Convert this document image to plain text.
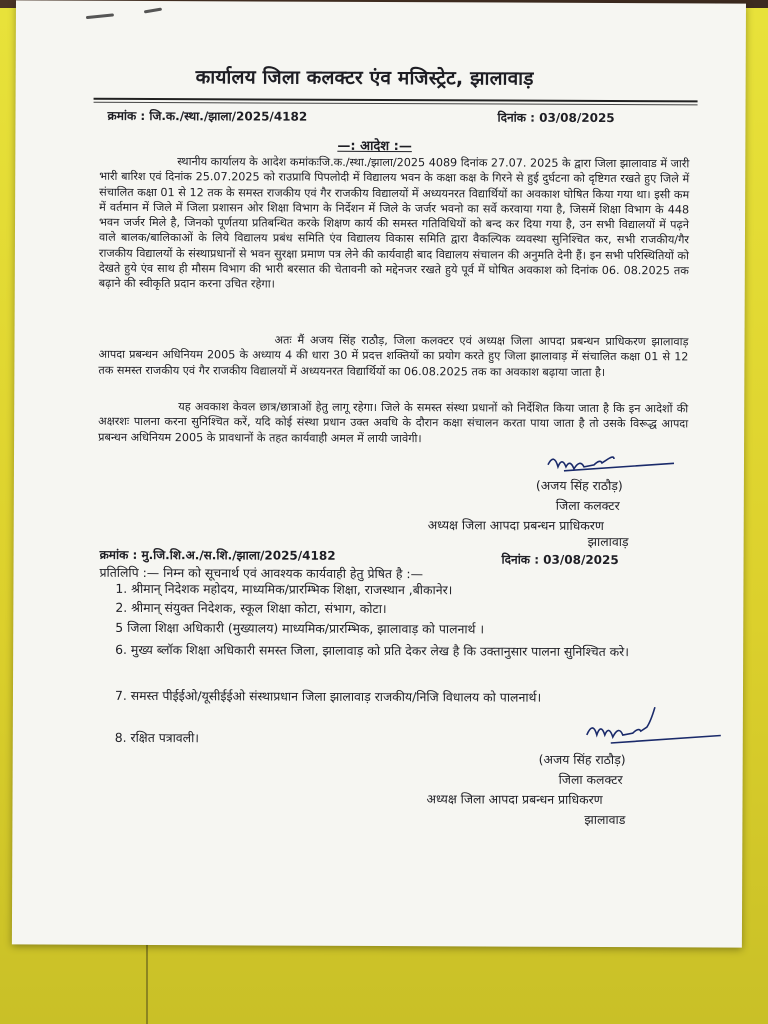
कार्यालय जिला कलक्टर एंव मजिस्ट्रेट, झालावाड़
क्रमांक : जि.क./स्था./झाला/2025/4182	दिनांक : 03/08/2025
—: आदेश :—

स्थानीय कार्यालय के आदेश कमांकःजि.क./स्था./झाला/2025 4089 दिनांक 27.07. 2025 के द्वारा जिला झालावाड में जारी भारी बारिश एवं दिनांक 25.07.2025 को राउप्रावि पिपलोदी में विद्यालय भवन के कक्षा कक्ष के गिरने से हुई दुर्घटना को दृष्टिगत रखते हुए जिले में संचालित कक्षा 01 से 12 तक के समस्त राजकीय एवं गैर राजकीय विद्यालयों में अध्ययनरत विद्यार्थियों का अवकाश घोषित किया गया था। इसी कम में वर्तमान में जिले में जिला प्रशासन ओर शिक्षा विभाग के निर्देशन में जिले के जर्जर भवनो का सर्वे करवाया गया है, जिसमें शिक्षा विभाग के 448 भवन जर्जर मिले है, जिनको पूर्णतया प्रतिबन्धित करके शिक्षण कार्य की समस्त गतिविधियों को बन्द कर दिया गया है, उन सभी विद्यालयों में पढ़ने वाले बालक/बालिकाओं के लिये विद्यालय प्रबंध समिति एंव विद्यालय विकास समिति द्वारा वैकल्पिक व्यवस्था सुनिश्चित कर, सभी राजकीय/गैर राजकीय विद्यालयों के संस्थाप्रधानों से भवन सुरक्षा प्रमाण पत्र लेने की कार्यवाही बाद विद्यालय संचालन की अनुमति देनी हैं। इन सभी परिस्थितियों को देखते हुये एंव साथ ही मौसम विभाग की भारी बरसात की चेतावनी को मद्देनजर रखते हुये पूर्व में घोषित अवकाश को दिनांक 06. 08.2025 तक बढ़ाने की स्वीकृति प्रदान करना उचित रहेगा।

अतः मैं अजय सिंह राठौड़, जिला कलक्टर एवं अध्यक्ष जिला आपदा प्रबन्धन प्राधिकरण झालावाड़ आपदा प्रबन्धन अधिनियम 2005 के अध्याय 4 की धारा 30 में प्रदत्त शक्तियों का प्रयोग करते हुए जिला झालावाड़ में संचालित कक्षा 01 से 12 तक समस्त राजकीय एवं गैर राजकीय विद्यालयों में अध्ययनरत विद्यार्थियों का 06.08.2025 तक का अवकाश बढ़ाया जाता है।

यह अवकाश केवल छात्र/छात्राओं हेतु लागू रहेगा। जिले के समस्त संस्था प्रधानों को निर्देशित किया जाता है कि इन आदेशों की अक्षरशः पालना करना सुनिश्चित करें, यदि कोई संस्था प्रधान उक्त अवधि के दौरान कक्षा संचालन करता पाया जाता है तो उसके विरूद्ध आपदा प्रबन्धन अधिनियम 2005 के प्रावधानों के तहत कार्यवाही अमल में लायी जावेगी।

(अजय सिंह राठौड़)
जिला कलक्टर
अध्यक्ष जिला आपदा प्रबन्धन प्राधिकरण
झालावाड़
क्रमांक : मु.जि.शि.अ./स.शि./झाला/2025/4182	दिनांक : 03/08/2025
प्रतिलिपि :— निम्न को सूचनार्थ एवं आवश्यक कार्यवाही हेतु प्रेषित है :—
1. श्रीमान् निदेशक महोदय, माध्यमिक/प्रारम्भिक शिक्षा, राजस्थान ,बीकानेर।
2. श्रीमान् संयुक्त निदेशक, स्कूल शिक्षा कोटा, संभाग, कोटा।
5 जिला शिक्षा अधिकारी (मुख्यालय) माध्यमिक/प्रारम्भिक, झालावाड़ को पालनार्थ ।
6. मुख्य ब्लॉक शिक्षा अधिकारी समस्त जिला, झालावाड़ को प्रति देकर लेख है कि उक्तानुसार पालना सुनिश्चित करे।
7. समस्त पीईईओ/यूसीईईओ संस्थाप्रधान जिला झालावाड़ राजकीय/निजि विधालय को पालनार्थ।
8. रक्षित पत्रावली।
(अजय सिंह राठौड़)
जिला कलक्टर
अध्यक्ष जिला आपदा प्रबन्धन प्राधिकरण
झालावाड
